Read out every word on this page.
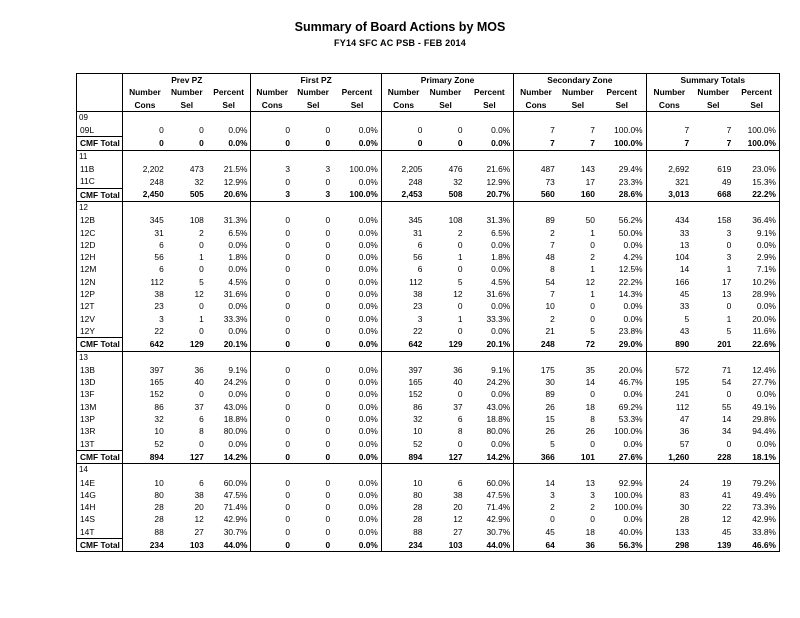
Summary of Board Actions by MOS
FY14 SFC AC PSB - FEB 2014
	Prev PZ			First PZ			Primary Zone			Secondary Zone			Summary Totals		
	Number	Number	Percent	Number	Number	Percent	Number	Number	Percent	Number	Number	Percent	Number	Number	Percent
	Cons	Sel	Sel	Cons	Sel	Sel	Cons	Sel	Sel	Cons	Sel	Sel	Cons	Sel	Sel
09															
09L	0	0	0.0%	0	0	0.0%	0	0	0.0%	7	7	100.0%	7	7	100.0%
CMF Total	0	0	0.0%	0	0	0.0%	0	0	0.0%	7	7	100.0%	7	7	100.0%
11															
11B	2,202	473	21.5%	3	3	100.0%	2,205	476	21.6%	487	143	29.4%	2,692	619	23.0%
11C	248	32	12.9%	0	0	0.0%	248	32	12.9%	73	17	23.3%	321	49	15.3%
CMF Total	2,450	505	20.6%	3	3	100.0%	2,453	508	20.7%	560	160	28.6%	3,013	668	22.2%
12															
12B	345	108	31.3%	0	0	0.0%	345	108	31.3%	89	50	56.2%	434	158	36.4%
12C	31	2	6.5%	0	0	0.0%	31	2	6.5%	2	1	50.0%	33	3	9.1%
12D	6	0	0.0%	0	0	0.0%	6	0	0.0%	7	0	0.0%	13	0	0.0%
12H	56	1	1.8%	0	0	0.0%	56	1	1.8%	48	2	4.2%	104	3	2.9%
12M	6	0	0.0%	0	0	0.0%	6	0	0.0%	8	1	12.5%	14	1	7.1%
12N	112	5	4.5%	0	0	0.0%	112	5	4.5%	54	12	22.2%	166	17	10.2%
12P	38	12	31.6%	0	0	0.0%	38	12	31.6%	7	1	14.3%	45	13	28.9%
12T	23	0	0.0%	0	0	0.0%	23	0	0.0%	10	0	0.0%	33	0	0.0%
12V	3	1	33.3%	0	0	0.0%	3	1	33.3%	2	0	0.0%	5	1	20.0%
12Y	22	0	0.0%	0	0	0.0%	22	0	0.0%	21	5	23.8%	43	5	11.6%
CMF Total	642	129	20.1%	0	0	0.0%	642	129	20.1%	248	72	29.0%	890	201	22.6%
13															
13B	397	36	9.1%	0	0	0.0%	397	36	9.1%	175	35	20.0%	572	71	12.4%
13D	165	40	24.2%	0	0	0.0%	165	40	24.2%	30	14	46.7%	195	54	27.7%
13F	152	0	0.0%	0	0	0.0%	152	0	0.0%	89	0	0.0%	241	0	0.0%
13M	86	37	43.0%	0	0	0.0%	86	37	43.0%	26	18	69.2%	112	55	49.1%
13P	32	6	18.8%	0	0	0.0%	32	6	18.8%	15	8	53.3%	47	14	29.8%
13R	10	8	80.0%	0	0	0.0%	10	8	80.0%	26	26	100.0%	36	34	94.4%
13T	52	0	0.0%	0	0	0.0%	52	0	0.0%	5	0	0.0%	57	0	0.0%
CMF Total	894	127	14.2%	0	0	0.0%	894	127	14.2%	366	101	27.6%	1,260	228	18.1%
14															
14E	10	6	60.0%	0	0	0.0%	10	6	60.0%	14	13	92.9%	24	19	79.2%
14G	80	38	47.5%	0	0	0.0%	80	38	47.5%	3	3	100.0%	83	41	49.4%
14H	28	20	71.4%	0	0	0.0%	28	20	71.4%	2	2	100.0%	30	22	73.3%
14S	28	12	42.9%	0	0	0.0%	28	12	42.9%	0	0	0.0%	28	12	42.9%
14T	88	27	30.7%	0	0	0.0%	88	27	30.7%	45	18	40.0%	133	45	33.8%
CMF Total	234	103	44.0%	0	0	0.0%	234	103	44.0%	64	36	56.3%	298	139	46.6%
